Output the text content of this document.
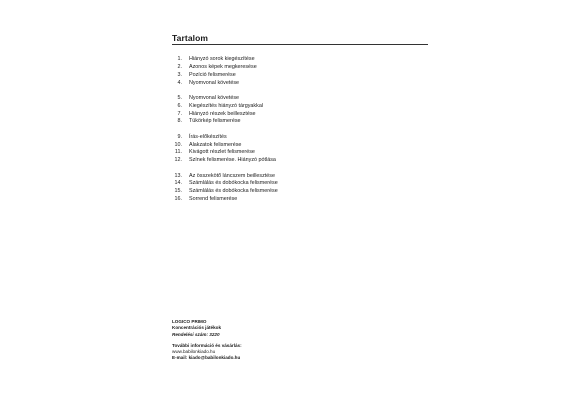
Tartalom
1. Hiányzó sorok kiegészítése
2. Azonos képek megkeresése
3. Pozíció felismerése
4. Nyomvonal követése
5. Nyomvonal követése
6. Kiegészítés hiányzó tárgyakkal
7. Hiányzó részek beillesztése
8. Tükörkép felismerése
9. Írás-előkészítés
10. Alakzatok felismerése
11. Kivágott részlet felismerése
12. Színek felismerése. Hiányzó pótlása
13. Az összekötő láncszem beillesztése
14. Számlálás és dobókocka felismerése
15. Számlálás és dobókocka felismerése
16. Sorrend felismerése
LOGICO PRIMO
Koncentrációs játékok
Rendelési szám: 3220
További információ és vásárlás:
www.babilonkiado.hu
E-mail: kiado@babilonkiado.hu
